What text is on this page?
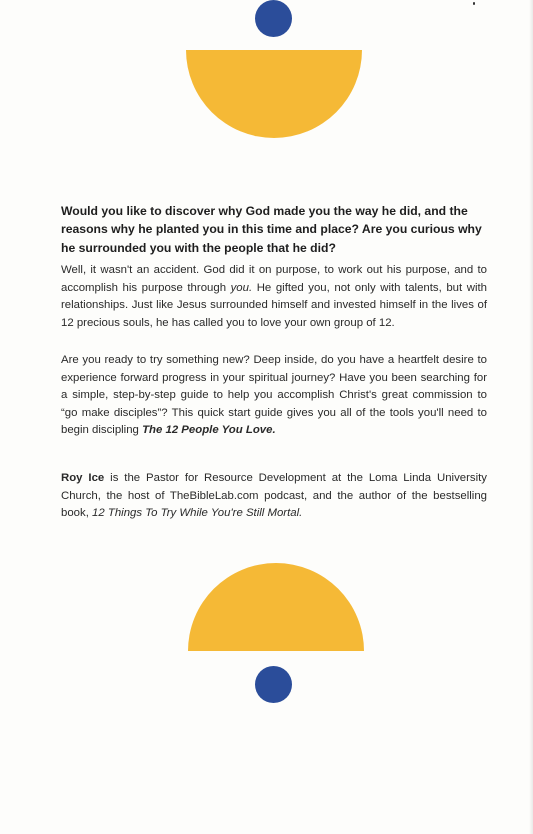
Would you like to discover why God made you the way he did, and the reasons why he planted you in this time and place? Are you curious why he surrounded you with the people that he did?

Well, it wasn't an accident. God did it on purpose, to work out his purpose, and to accomplish his purpose through you. He gifted you, not only with talents, but with relationships. Just like Jesus surrounded himself and invested himself in the lives of 12 precious souls, he has called you to love your own group of 12.

Are you ready to try something new? Deep inside, do you have a heartfelt desire to experience forward progress in your spiritual journey? Have you been searching for a simple, step-by-step guide to help you accomplish Christ's great commission to “go make disciples”? This quick start guide gives you all of the tools you'll need to begin discipling The 12 People You Love.

Roy Ice is the Pastor for Resource Development at the Loma Linda University Church, the host of TheBibleLab.com podcast, and the author of the bestselling book, 12 Things To Try While You're Still Mortal.
